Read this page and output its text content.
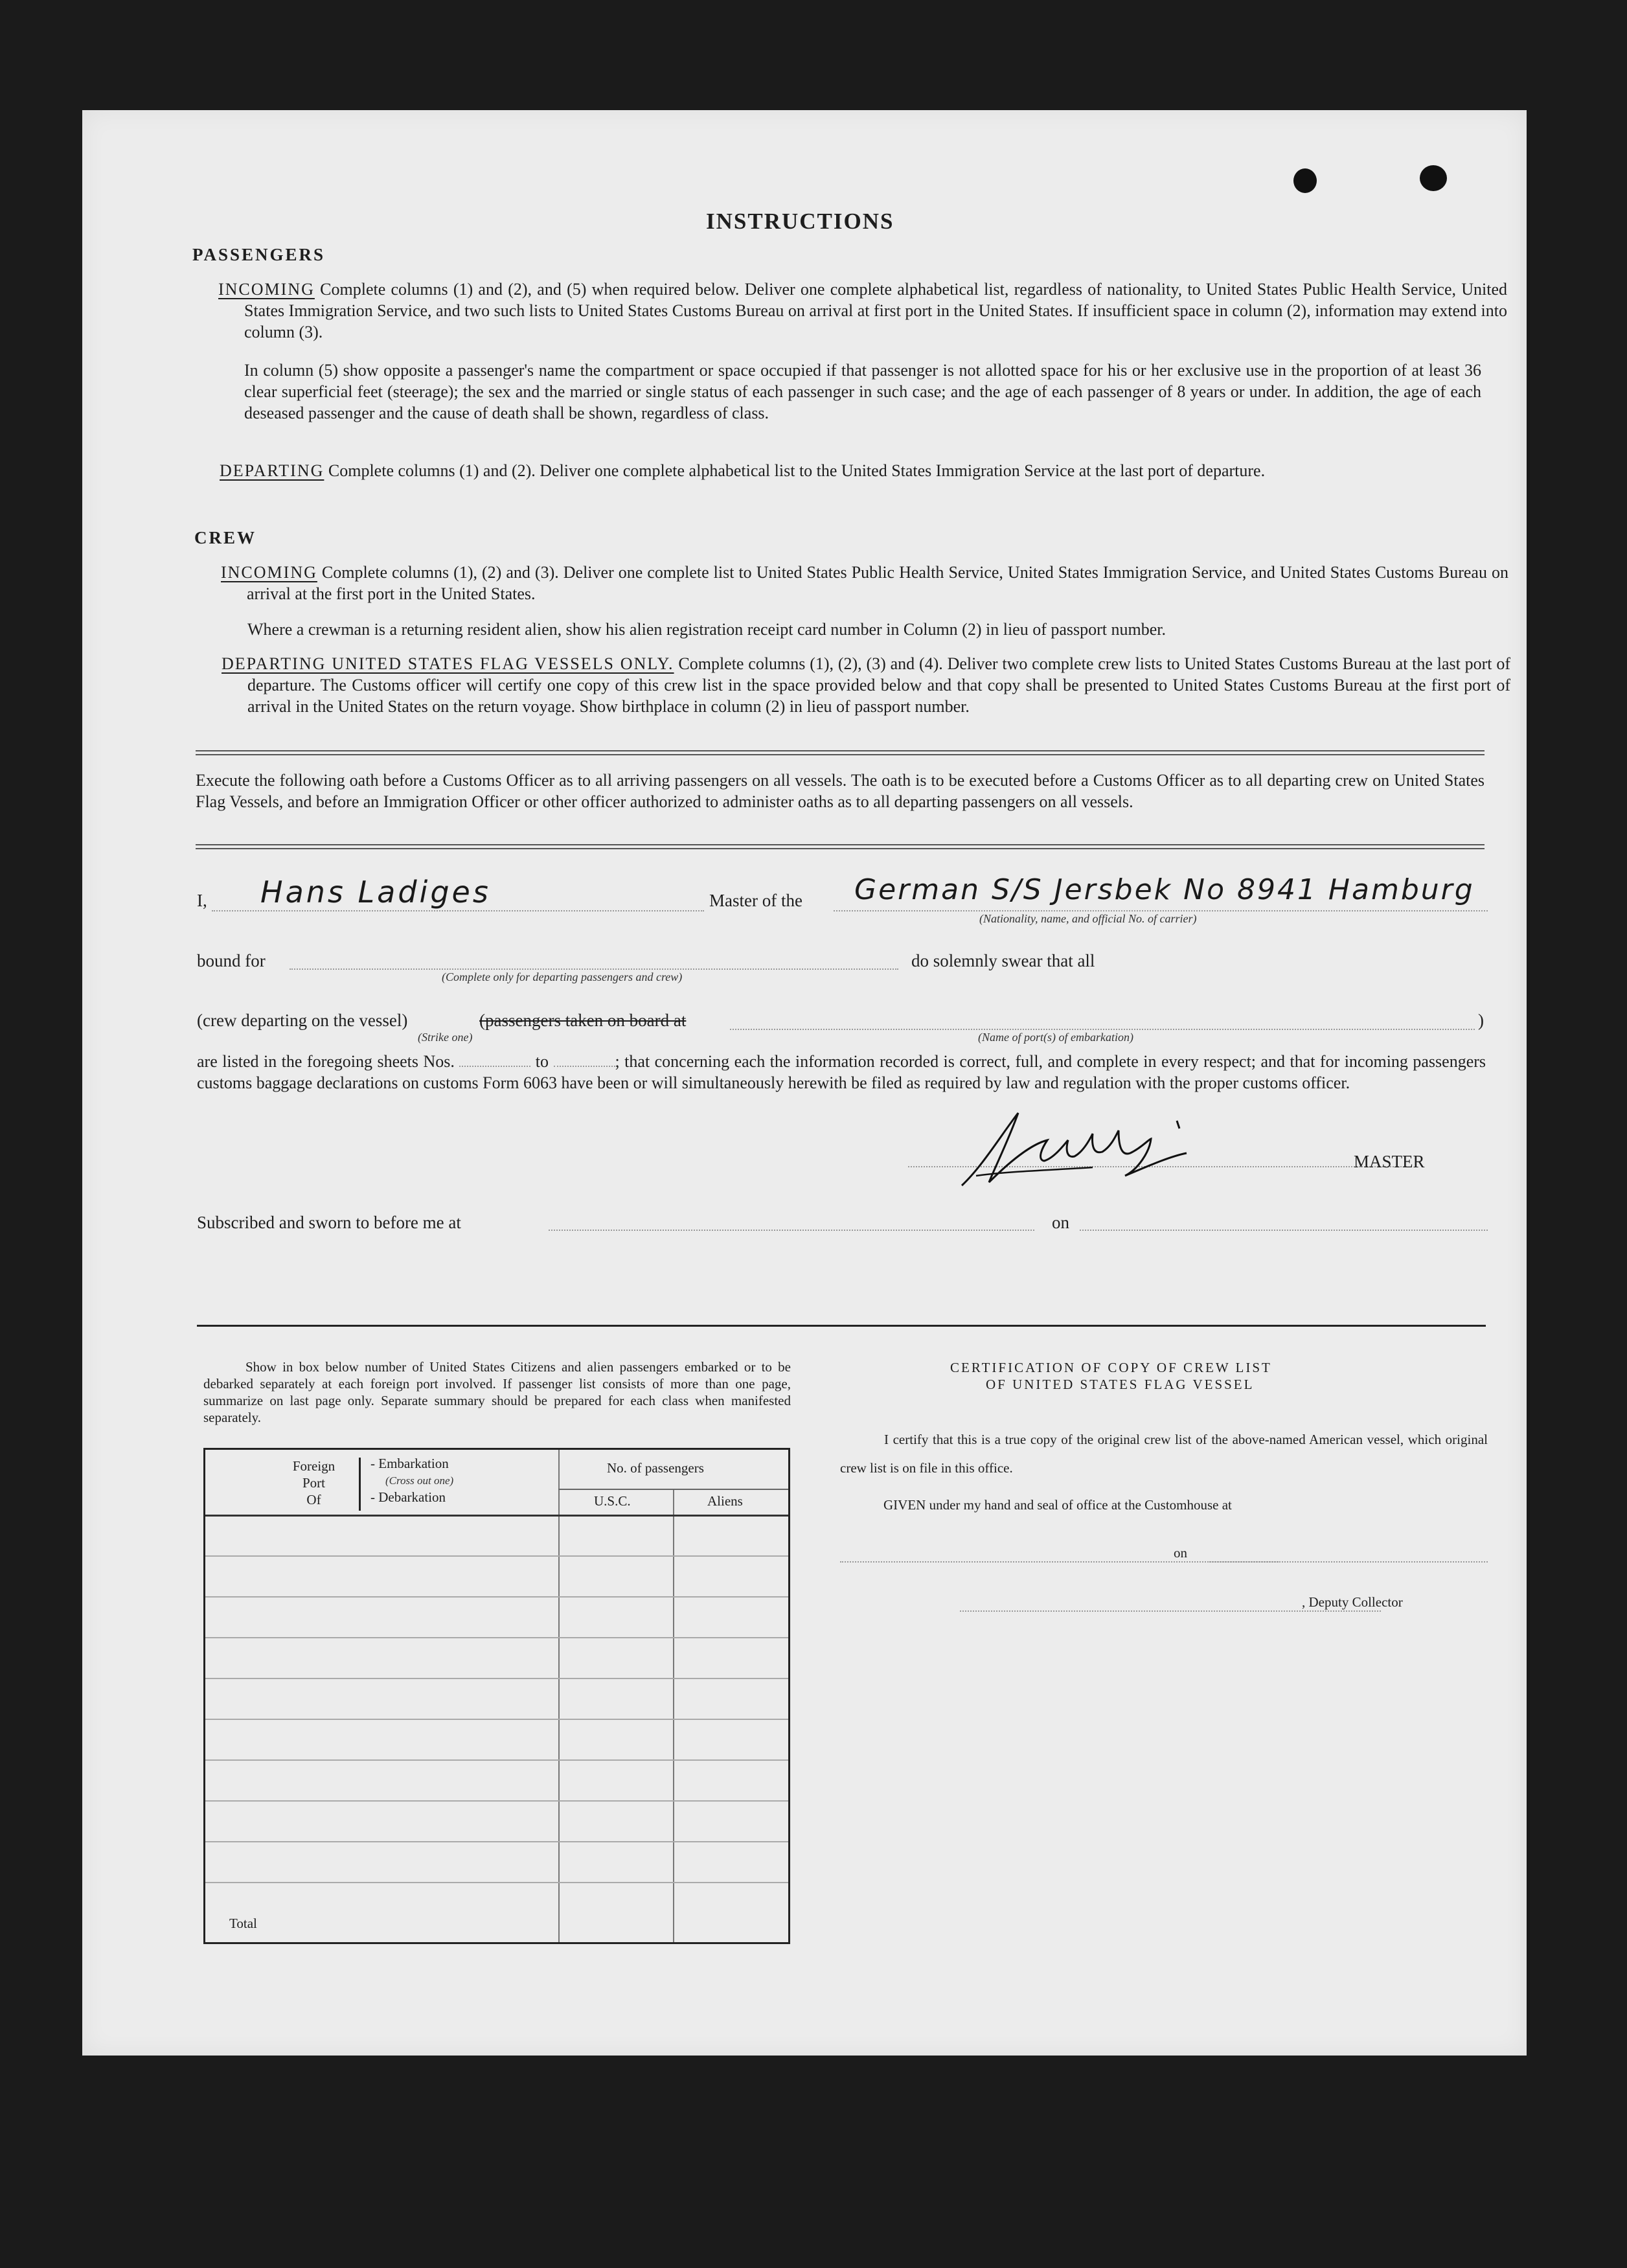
INSTRUCTIONS
PASSENGERS
INCOMING Complete columns (1) and (2), and (5) when required below. Deliver one complete alphabetical list, regardless of nationality, to United States Public Health Service, United States Immigration Service, and two such lists to United States Customs Bureau on arrival at first port in the United States. If insufficient space in column (2), information may extend into column (3).
In column (5) show opposite a passenger's name the compartment or space occupied if that passenger is not allotted space for his or her exclusive use in the proportion of at least 36 clear superficial feet (steerage); the sex and the married or single status of each passenger in such case; and the age of each passenger of 8 years or under. In addition, the age of each deseased passenger and the cause of death shall be shown, regardless of class.
DEPARTING Complete columns (1) and (2). Deliver one complete alphabetical list to the United States Immigration Service at the last port of departure.
CREW
INCOMING Complete columns (1), (2) and (3). Deliver one complete list to United States Public Health Service, United States Immigration Service, and United States Customs Bureau on arrival at the first port in the United States.
Where a crewman is a returning resident alien, show his alien registration receipt card number in Column (2) in lieu of passport number.
DEPARTING UNITED STATES FLAG VESSELS ONLY. Complete columns (1), (2), (3) and (4). Deliver two complete crew lists to United States Customs Bureau at the last port of departure. The Customs officer will certify one copy of this crew list in the space provided below and that copy shall be presented to United States Customs Bureau at the first port of arrival in the United States on the return voyage. Show birthplace in column (2) in lieu of passport number.
Execute the following oath before a Customs Officer as to all arriving passengers on all vessels. The oath is to be executed before a Customs Officer as to all departing crew on United States Flag Vessels, and before an Immigration Officer or other officer authorized to administer oaths as to all departing passengers on all vessels.
I, Hans Ladiges	Master of the German S/S Jersbek No 8941 Hamburg
(Nationality, name, and official No. of carrier)
bound for
(Complete only for departing passengers and crew)
do solemnly swear that all
(crew departing on the vessel)	(passengers taken on board at	)
(Strike one)	(Name of port(s) of embarkation)
are listed in the foregoing sheets Nos.	to	; that concerning each the information recorded is correct, full, and complete in every respect; and that for incoming passengers customs baggage declarations on customs Form 6063 have been or will simultaneously herewith be filed as required by law and regulation with the proper customs officer.
MASTER
Subscribed and sworn to before me at	on
Show in box below number of United States Citizens and alien passengers embarked or to be debarked separately at each foreign port involved. If passenger list consists of more than one page, summarize on last page only. Separate summary should be prepared for each class when manifested separately.
Foreign
Port
Of
- Embarkation
(Cross out one)
- Debarkation
No. of passengers
U.S.C.	Aliens
Total
CERTIFICATION OF COPY OF CREW LIST
OF UNITED STATES FLAG VESSEL
I certify that this is a true copy of the original crew list of the above-named American vessel, which original crew list is on file in this office.
GIVEN under my hand and seal of office at the Customhouse at
on
, Deputy Collector
